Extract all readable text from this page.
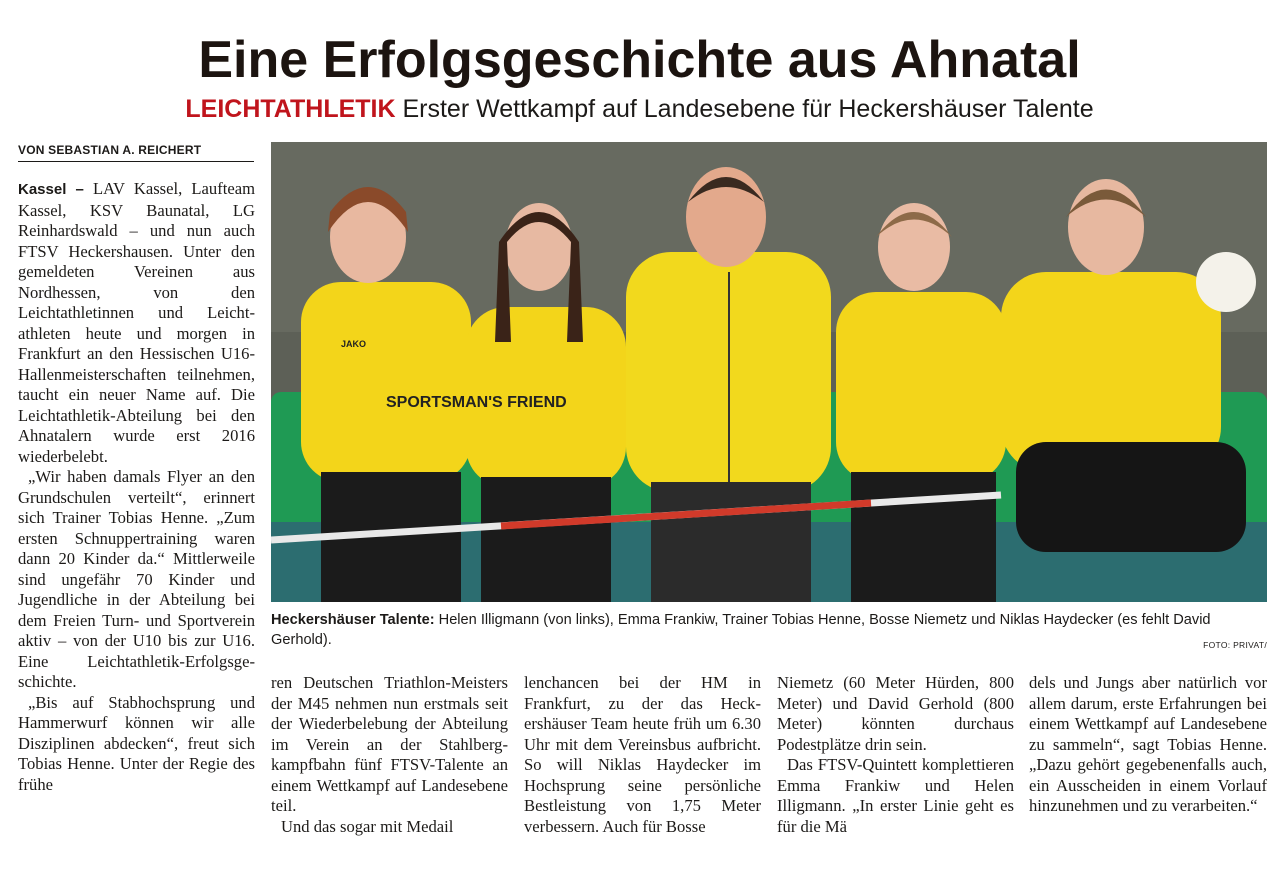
Eine Erfolgsgeschichte aus Ahnatal
LEICHTATHLETIK Erster Wettkampf auf Landesebene für Heckershäuser Talente
VON SEBASTIAN A. REICHERT

Kassel – LAV Kassel, Laufteam Kassel, KSV Baunatal, LG Reinhardswald – und nun auch FTSV Heckershausen. Unter den gemeldeten Vereinen aus Nordhessen, von den Leichtathletinnen und Leichtathleten heute und morgen in Frankfurt an den Hessischen U16-Hallenmeisterschaften teilnehmen, taucht ein neuer Name auf. Die Leichtathletik-Abteilung bei den Ahnatalern wurde erst 2016 wiederbelebt.

„Wir haben damals Flyer an den Grundschulen verteilt“, erinnert sich Trainer Tobias Henne. „Zum ersten Schnuppertraining waren dann 20 Kinder da.“ Mittlerweile sind ungefähr 70 Kinder und Jugendliche in der Abteilung bei dem Freien Turn- und Sportverein aktiv – von der U10 bis zur U16. Eine Leichtathletik-Erfolgsgeschichte.

„Bis auf Stabhochsprung und Hammerwurf können wir alle Disziplinen abdecken“, freut sich Tobias Henne. Unter der Regie des frühe

SPORTSMAN'S FRIEND
JAKO
Heckershäuser Talente: Helen Illigmann (von links), Emma Frankiw, Trainer Tobias Henne, Bosse Niemetz und Niklas Haydecker (es fehlt David Gerhold).	FOTO: PRIVAT/

ren Deutschen Triathlon-Meisters der M45 nehmen nun erstmals seit der Wiederbelebung der Abteilung im Verein an der Stahlbergkampfbahn fünf FTSV-Talente an einem Wettkampf auf Landesebene teil.

Und das sogar mit Medail

lenchancen bei der HM in Frankfurt, zu der das Heckershäuser Team heute früh um 6.30 Uhr mit dem Vereinsbus aufbricht. So will Niklas Haydecker im Hochsprung seine persönliche Bestleistung von 1,75 Meter verbessern. Auch für Bosse

Niemetz (60 Meter Hürden, 800 Meter) und David Gerhold (800 Meter) könnten durchaus Podestplätze drin sein.

Das FTSV-Quintett komplettieren Emma Frankiw und Helen Illigmann. „In erster Linie geht es für die Mä

dels und Jungs aber natürlich vor allem darum, erste Erfahrungen bei einem Wettkampf auf Landesebene zu sammeln“, sagt Tobias Henne. „Dazu gehört gegebenenfalls auch, ein Ausscheiden in einem Vorlauf hinzunehmen und zu verarbeiten.“
